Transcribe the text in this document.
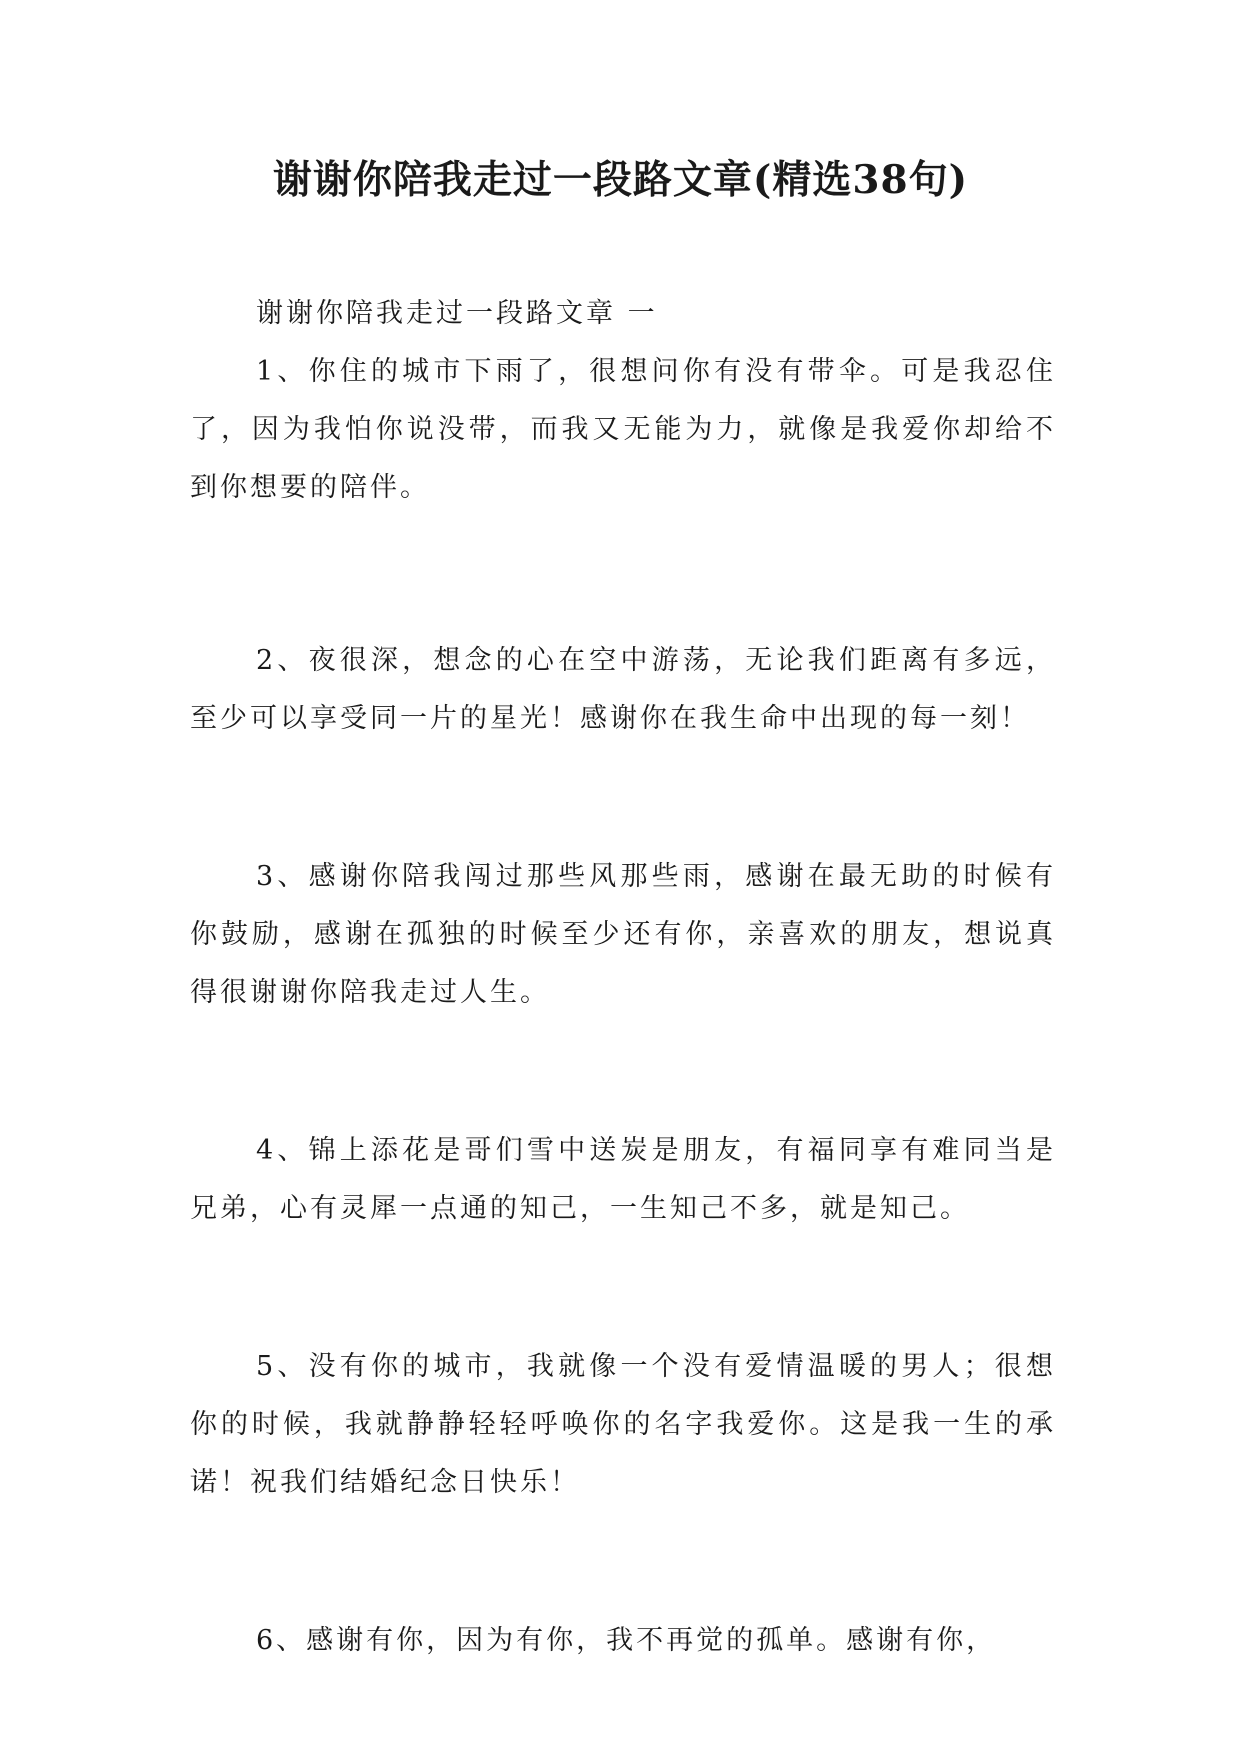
谢谢你陪我走过一段路文章(精选38句)

谢谢你陪我走过一段路文章 一

1、你住的城市下雨了，很想问你有没有带伞。可是我忍住了，因为我怕你说没带，而我又无能为力，就像是我爱你却给不到你想要的陪伴。

2、夜很深，想念的心在空中游荡，无论我们距离有多远，至少可以享受同一片的星光！感谢你在我生命中出现的每一刻！

3、感谢你陪我闯过那些风那些雨，感谢在最无助的时候有你鼓励，感谢在孤独的时候至少还有你，亲喜欢的朋友，想说真得很谢谢你陪我走过人生。

4、锦上添花是哥们雪中送炭是朋友，有福同享有难同当是兄弟，心有灵犀一点通的知己，一生知己不多，就是知己。

5、没有你的城市，我就像一个没有爱情温暖的男人；很想你的时候，我就静静轻轻呼唤你的名字我爱你。这是我一生的承诺！祝我们结婚纪念日快乐！

6、感谢有你，因为有你，我不再觉的孤单。感谢有你，
